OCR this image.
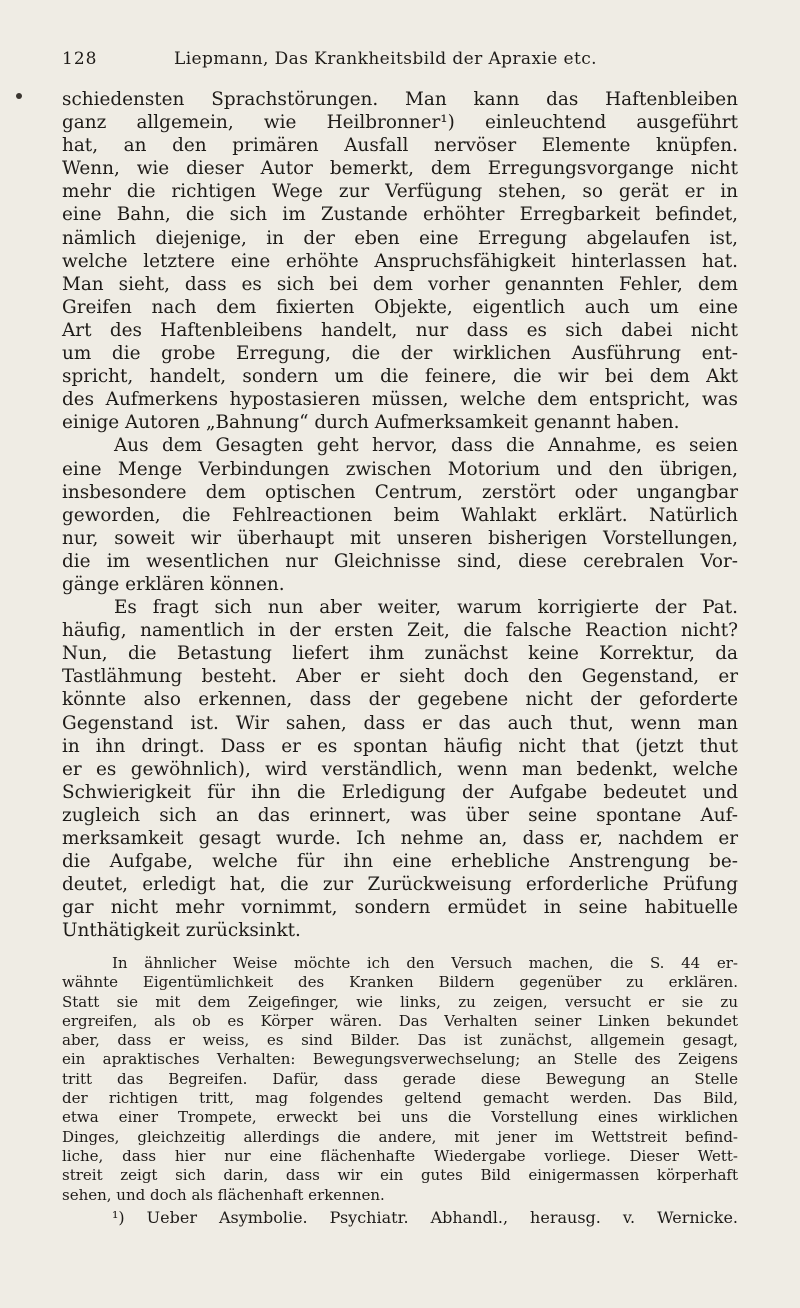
128	Liepmann, Das Krankheitsbild der Apraxie etc.
schiedensten Sprachstörungen. Man kann das Haftenbleiben
ganz allgemein, wie Heilbronner¹) einleuchtend ausgeführt
hat, an den primären Ausfall nervöser Elemente knüpfen.
Wenn, wie dieser Autor bemerkt, dem Erregungsvorgange nicht
mehr die richtigen Wege zur Verfügung stehen, so gerät er in
eine Bahn, die sich im Zustande erhöhter Erregbarkeit befindet,
nämlich diejenige, in der eben eine Erregung abgelaufen ist,
welche letztere eine erhöhte Anspruchsfähigkeit hinterlassen hat.
Man sieht, dass es sich bei dem vorher genannten Fehler, dem
Greifen nach dem fixierten Objekte, eigentlich auch um eine
Art des Haftenbleibens handelt, nur dass es sich dabei nicht
um die grobe Erregung, die der wirklichen Ausführung ent-
spricht, handelt, sondern um die feinere, die wir bei dem Akt
des Aufmerkens hypostasieren müssen, welche dem entspricht, was
einige Autoren „Bahnung“ durch Aufmerksamkeit genannt haben.
Aus dem Gesagten geht hervor, dass die Annahme, es seien
eine Menge Verbindungen zwischen Motorium und den übrigen,
insbesondere dem optischen Centrum, zerstört oder ungangbar
geworden, die Fehlreactionen beim Wahlakt erklärt. Natürlich
nur, soweit wir überhaupt mit unseren bisherigen Vorstellungen,
die im wesentlichen nur Gleichnisse sind, diese cerebralen Vor-
gänge erklären können.
Es fragt sich nun aber weiter, warum korrigierte der Pat.
häufig, namentlich in der ersten Zeit, die falsche Reaction nicht?
Nun, die Betastung liefert ihm zunächst keine Korrektur, da
Tastlähmung besteht. Aber er sieht doch den Gegenstand, er
könnte also erkennen, dass der gegebene nicht der geforderte
Gegenstand ist. Wir sahen, dass er das auch thut, wenn man
in ihn dringt. Dass er es spontan häufig nicht that (jetzt thut
er es gewöhnlich), wird verständlich, wenn man bedenkt, welche
Schwierigkeit für ihn die Erledigung der Aufgabe bedeutet und
zugleich sich an das erinnert, was über seine spontane Auf-
merksamkeit gesagt wurde. Ich nehme an, dass er, nachdem er
die Aufgabe, welche für ihn eine erhebliche Anstrengung be-
deutet, erledigt hat, die zur Zurückweisung erforderliche Prüfung
gar nicht mehr vornimmt, sondern ermüdet in seine habituelle
Unthätigkeit zurücksinkt.
In ähnlicher Weise möchte ich den Versuch machen, die S. 44 er-
wähnte Eigentümlichkeit des Kranken Bildern gegenüber zu erklären.
Statt sie mit dem Zeigefinger, wie links, zu zeigen, versucht er sie zu
ergreifen, als ob es Körper wären. Das Verhalten seiner Linken bekundet
aber, dass er weiss, es sind Bilder. Das ist zunächst, allgemein gesagt,
ein apraktisches Verhalten: Bewegungsverwechselung; an Stelle des Zeigens
tritt das Begreifen. Dafür, dass gerade diese Bewegung an Stelle
der richtigen tritt, mag folgendes geltend gemacht werden. Das Bild,
etwa einer Trompete, erweckt bei uns die Vorstellung eines wirklichen
Dinges, gleichzeitig allerdings die andere, mit jener im Wettstreit befind-
liche, dass hier nur eine flächenhafte Wiedergabe vorliege. Dieser Wett-
streit zeigt sich darin, dass wir ein gutes Bild einigermassen körperhaft
sehen, und doch als flächenhaft erkennen.
¹) Ueber Asymbolie. Psychiatr. Abhandl., herausg. v. Wernicke.
